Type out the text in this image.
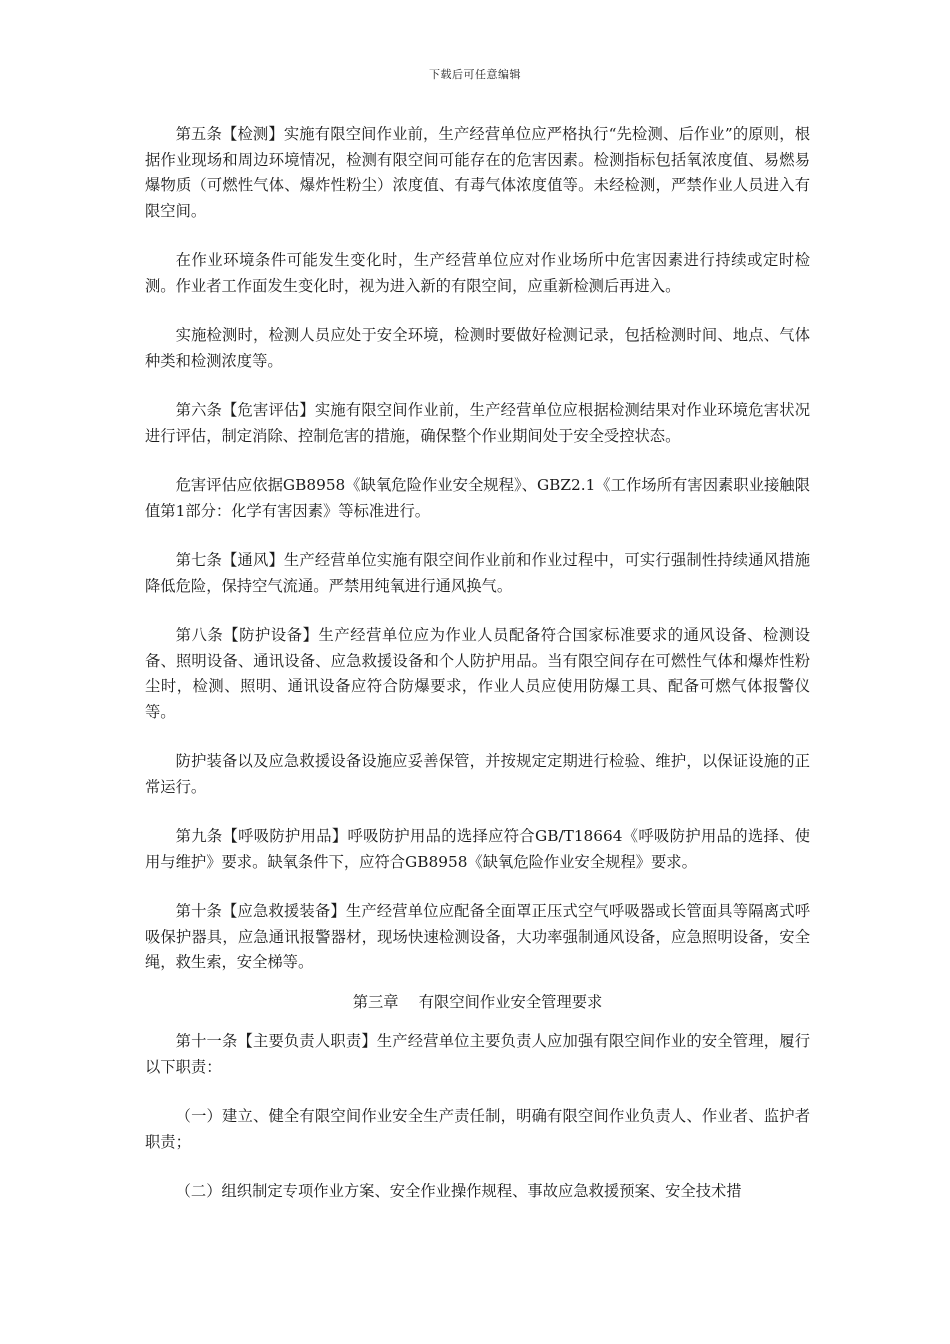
下载后可任意编辑

第五条【检测】实施有限空间作业前，生产经营单位应严格执行“先检测、后作业”的原则，根据作业现场和周边环境情况，检测有限空间可能存在的危害因素。检测指标包括氧浓度值、易燃易爆物质（可燃性气体、爆炸性粉尘）浓度值、有毒气体浓度值等。未经检测，严禁作业人员进入有限空间。

在作业环境条件可能发生变化时，生产经营单位应对作业场所中危害因素进行持续或定时检测。作业者工作面发生变化时，视为进入新的有限空间，应重新检测后再进入。

实施检测时，检测人员应处于安全环境，检测时要做好检测记录，包括检测时间、地点、气体种类和检测浓度等。

第六条【危害评估】实施有限空间作业前，生产经营单位应根据检测结果对作业环境危害状况进行评估，制定消除、控制危害的措施，确保整个作业期间处于安全受控状态。

危害评估应依据GB8958《缺氧危险作业安全规程》、GBZ2.1《工作场所有害因素职业接触限值第1部分：化学有害因素》等标准进行。

第七条【通风】生产经营单位实施有限空间作业前和作业过程中，可实行强制性持续通风措施降低危险，保持空气流通。严禁用纯氧进行通风换气。

第八条【防护设备】生产经营单位应为作业人员配备符合国家标准要求的通风设备、检测设备、照明设备、通讯设备、应急救援设备和个人防护用品。当有限空间存在可燃性气体和爆炸性粉尘时，检测、照明、通讯设备应符合防爆要求，作业人员应使用防爆工具、配备可燃气体报警仪等。

防护装备以及应急救援设备设施应妥善保管，并按规定定期进行检验、维护，以保证设施的正常运行。

第九条【呼吸防护用品】呼吸防护用品的选择应符合GB/T18664《呼吸防护用品的选择、使用与维护》要求。缺氧条件下，应符合GB8958《缺氧危险作业安全规程》要求。

第十条【应急救援装备】生产经营单位应配备全面罩正压式空气呼吸器或长管面具等隔离式呼吸保护器具，应急通讯报警器材，现场快速检测设备，大功率强制通风设备，应急照明设备，安全绳，救生索，安全梯等。

第三章　 有限空间作业安全管理要求

第十一条【主要负责人职责】生产经营单位主要负责人应加强有限空间作业的安全管理，履行以下职责：

（一）建立、健全有限空间作业安全生产责任制，明确有限空间作业负责人、作业者、监护者职责；

（二）组织制定专项作业方案、安全作业操作规程、事故应急救援预案、安全技术措
